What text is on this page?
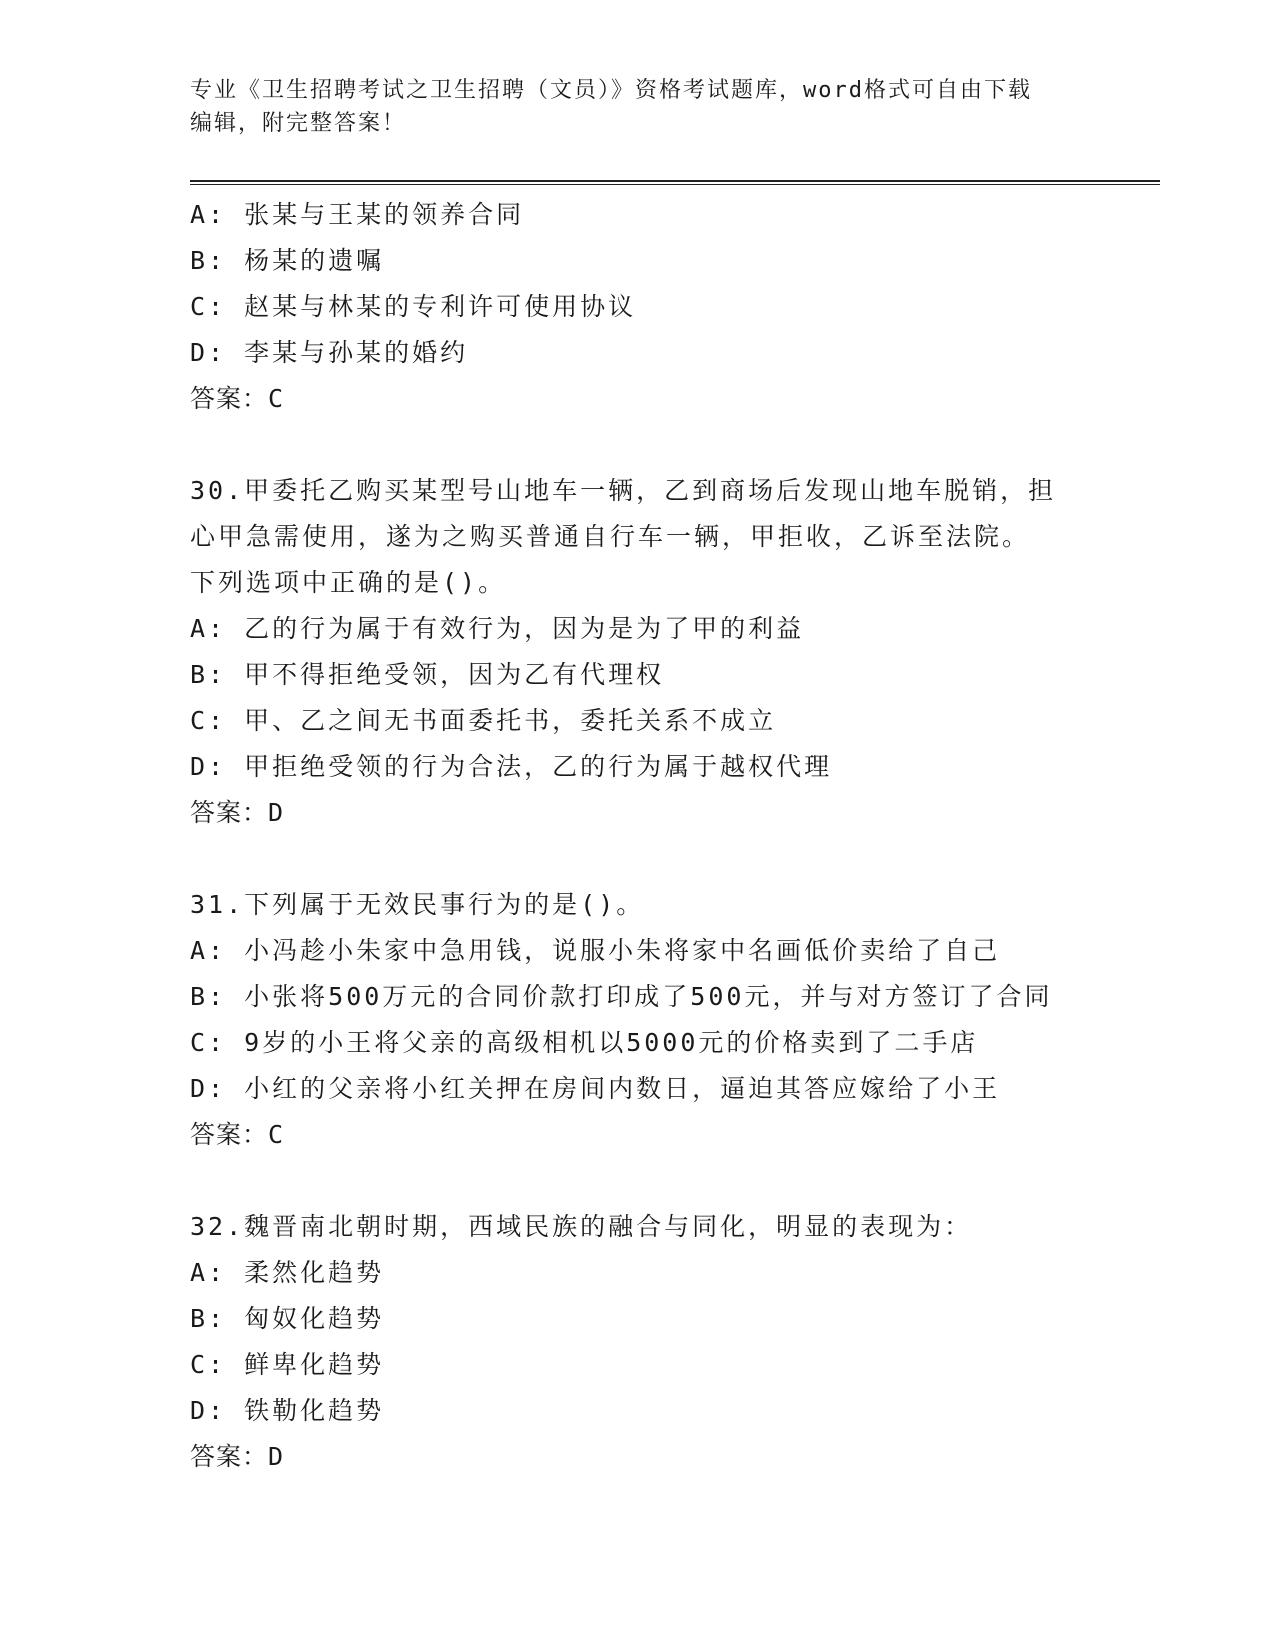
专业《卫生招聘考试之卫生招聘（文员）》资格考试题库，word格式可自由下载
编辑，附完整答案！
A: 张某与王某的领养合同
B: 杨某的遗嘱
C: 赵某与林某的专利许可使用协议
D: 李某与孙某的婚约
答案：C
30.甲委托乙购买某型号山地车一辆，乙到商场后发现山地车脱销，担
心甲急需使用，遂为之购买普通自行车一辆，甲拒收，乙诉至法院。
下列选项中正确的是()。
A: 乙的行为属于有效行为，因为是为了甲的利益
B: 甲不得拒绝受领，因为乙有代理权
C: 甲、乙之间无书面委托书，委托关系不成立
D: 甲拒绝受领的行为合法，乙的行为属于越权代理
答案：D
31.下列属于无效民事行为的是()。
A: 小冯趁小朱家中急用钱，说服小朱将家中名画低价卖给了自己
B: 小张将500万元的合同价款打印成了500元，并与对方签订了合同
C: 9岁的小王将父亲的高级相机以5000元的价格卖到了二手店
D: 小红的父亲将小红关押在房间内数日，逼迫其答应嫁给了小王
答案：C
32.魏晋南北朝时期，西域民族的融合与同化，明显的表现为：
A: 柔然化趋势
B: 匈奴化趋势
C: 鲜卑化趋势
D: 铁勒化趋势
答案：D
